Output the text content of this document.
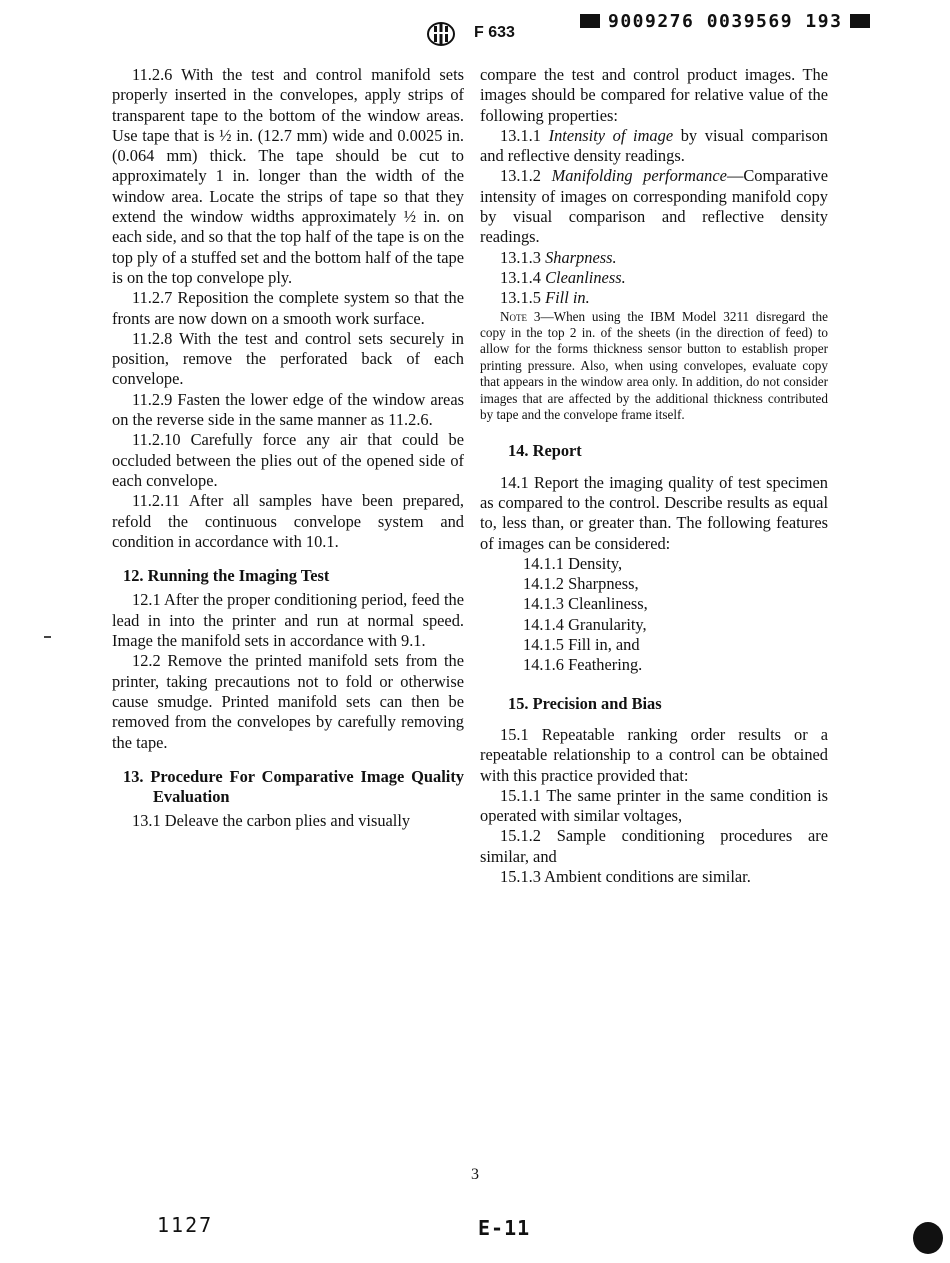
F 633
9009276 0039569 193

11.2.6 With the test and control manifold sets properly inserted in the convelopes, apply strips of transparent tape to the bottom of the window areas. Use tape that is ½ in. (12.7 mm) wide and 0.0025 in. (0.064 mm) thick. The tape should be cut to approximately 1 in. longer than the width of the window area. Locate the strips of tape so that they extend the window widths approximately ½ in. on each side, and so that the top half of the tape is on the top ply of a stuffed set and the bottom half of the tape is on the top convelope ply.

11.2.7 Reposition the complete system so that the fronts are now down on a smooth work surface.

11.2.8 With the test and control sets securely in position, remove the perforated back of each convelope.

11.2.9 Fasten the lower edge of the window areas on the reverse side in the same manner as 11.2.6.

11.2.10 Carefully force any air that could be occluded between the plies out of the opened side of each convelope.

11.2.11 After all samples have been prepared, refold the continuous convelope system and condition in accordance with 10.1.

12. Running the Imaging Test

12.1 After the proper conditioning period, feed the lead in into the printer and run at normal speed. Image the manifold sets in accordance with 9.1.

12.2 Remove the printed manifold sets from the printer, taking precautions not to fold or otherwise cause smudge. Printed manifold sets can then be removed from the convelopes by carefully removing the tape.

13. Procedure For Comparative Image Quality Evaluation

13.1 Deleave the carbon plies and visually

compare the test and control product images. The images should be compared for relative value of the following properties:

13.1.1 Intensity of image by visual comparison and reflective density readings.

13.1.2 Manifolding performance—Comparative intensity of images on corresponding manifold copy by visual comparison and reflective density readings.

13.1.3 Sharpness.

13.1.4 Cleanliness.

13.1.5 Fill in.

Note 3—When using the IBM Model 3211 disregard the copy in the top 2 in. of the sheets (in the direction of feed) to allow for the forms thickness sensor button to establish proper printing pressure. Also, when using convelopes, evaluate copy that appears in the window area only. In addition, do not consider images that are affected by the additional thickness contributed by tape and the convelope frame itself.

14. Report

14.1 Report the imaging quality of test specimen as compared to the control. Describe results as equal to, less than, or greater than. The following features of images can be considered:

14.1.1 Density,

14.1.2 Sharpness,

14.1.3 Cleanliness,

14.1.4 Granularity,

14.1.5 Fill in, and

14.1.6 Feathering.

15. Precision and Bias

15.1 Repeatable ranking order results or a repeatable relationship to a control can be obtained with this practice provided that:

15.1.1 The same printer in the same condition is operated with similar voltages,

15.1.2 Sample conditioning procedures are similar, and

15.1.3 Ambient conditions are similar.

3
1127	E-11
